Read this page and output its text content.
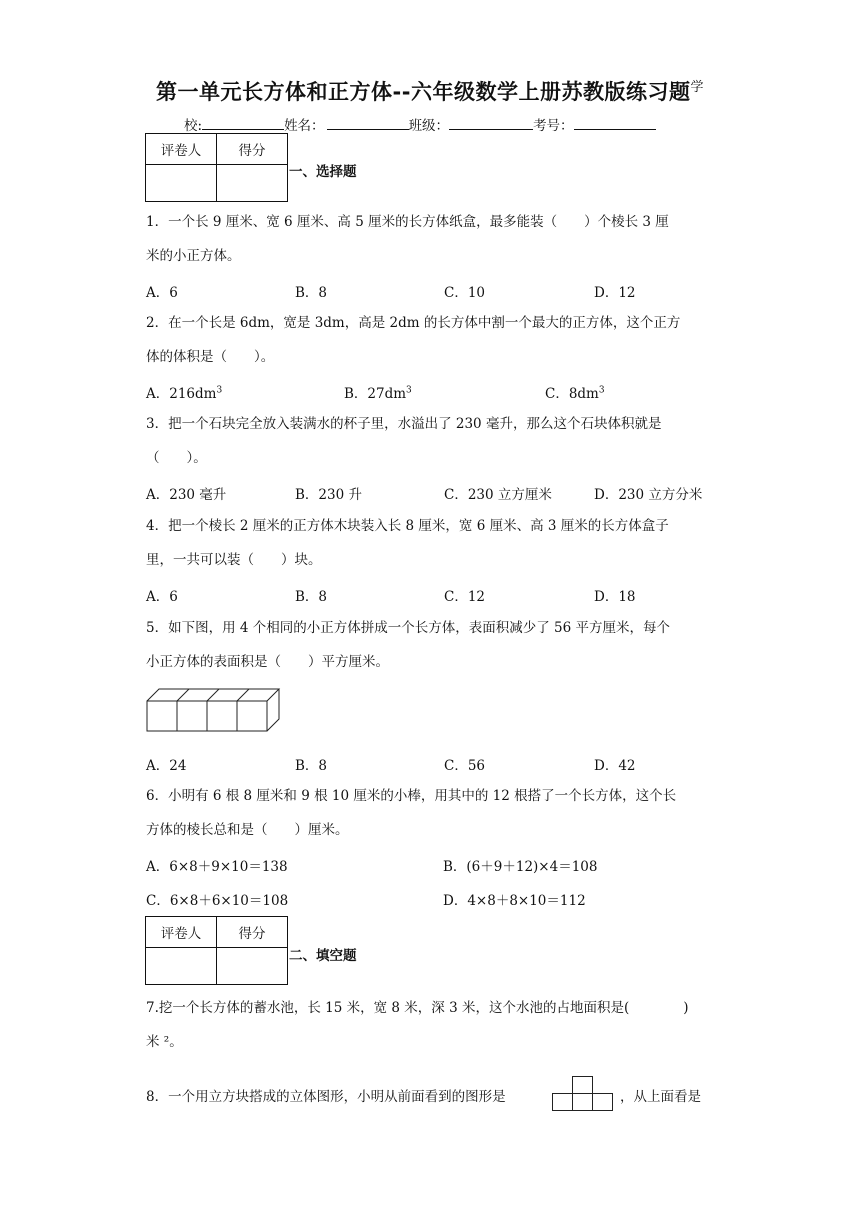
第一单元长方体和正方体--六年级数学上册苏教版练习题$^学$
校:	姓名：	班级：	考号：
评卷人	得分

一、选择题
1．一个长 9 厘米、宽 6 厘米、高 5 厘米的长方体纸盒，最多能装（　　）个棱长 3 厘
米的小正方体。
A．6	B．8	C．10	D．12
2．在一个长是 6dm，宽是 3dm，高是 2dm 的长方体中割一个最大的正方体，这个正方
体的体积是（　　）。
A．$216dm^3$	B．$27dm^3$	C．$8dm^3$
3．把一个石块完全放入装满水的杯子里，水溢出了 230 毫升，那么这个石块体积就是
（　　）。
A．230 毫升	B．230 升	C．230 立方厘米	D．230 立方分米
4．把一个棱长 2 厘米的正方体木块装入长 8 厘米，宽 6 厘米、高 3 厘米的长方体盒子
里，一共可以装（　　）块。
A．6	B．8	C．12	D．18
5．如下图，用 4 个相同的小正方体拼成一个长方体，表面积减少了 56 平方厘米，每个
小正方体的表面积是（　　）平方厘米。
A．24	B．8	C．56	D．42
6．小明有 6 根 8 厘米和 9 根 10 厘米的小棒，用其中的 12 根搭了一个长方体，这个长
方体的棱长总和是（　　）厘米。
A．6×8＋9×10＝138	B．(6＋9＋12)×4＝108
C．6×8＋6×10＝108	D．4×8＋8×10＝112
评卷人	得分

二、填空题
7.挖一个长方体的蓄水池，长 15 米，宽 8 米，深 3 米，这个水池的占地面积是(　　　　)
米 ²。
8．一个用立方块搭成的立体图形，小明从前面看到的图形是	，从上面看是
